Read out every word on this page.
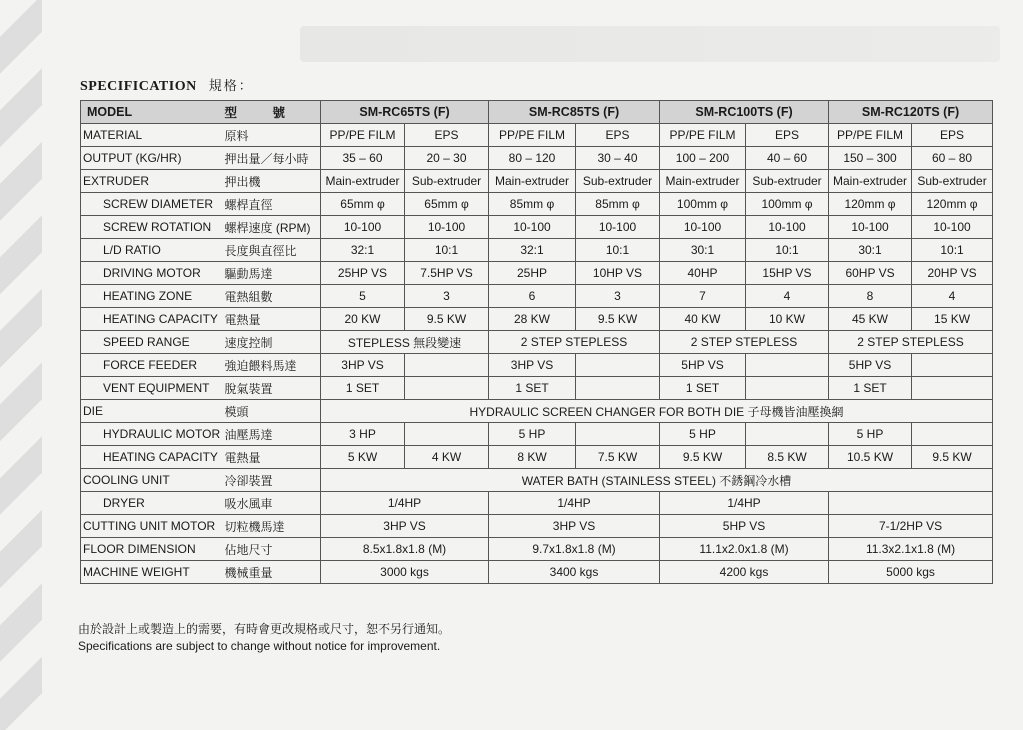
SPECIFICATION 規格：
MODEL	型 號	SM-RC65TS (F)		SM-RC85TS (F)		SM-RC100TS (F)		SM-RC120TS (F)	
MATERIAL	原料	PP/PE FILM	EPS	PP/PE FILM	EPS	PP/PE FILM	EPS	PP/PE FILM	EPS
OUTPUT (KG/HR)	押出量／每小時	35 – 60	20 – 30	80 – 120	30 – 40	100 – 200	40 – 60	150 – 300	60 – 80
EXTRUDER	押出機	Main-extruder	Sub-extruder	Main-extruder	Sub-extruder	Main-extruder	Sub-extruder	Main-extruder	Sub-extruder
SCREW DIAMETER	螺桿直徑	65mm φ	65mm φ	85mm φ	85mm φ	100mm φ	100mm φ	120mm φ	120mm φ
SCREW ROTATION	螺桿速度 (RPM)	10-100	10-100	10-100	10-100	10-100	10-100	10-100	10-100
L/D RATIO	長度與直徑比	32:1	10:1	32:1	10:1	30:1	10:1	30:1	10:1
DRIVING MOTOR	驅動馬達	25HP VS	7.5HP VS	25HP	10HP VS	40HP	15HP VS	60HP VS	20HP VS
HEATING ZONE	電熱組數	5	3	6	3	7	4	8	4
HEATING CAPACITY	電熱量	20 KW	9.5 KW	28 KW	9.5 KW	40 KW	10 KW	45 KW	15 KW
SPEED RANGE	速度控制	STEPLESS 無段變速		2 STEP STEPLESS		2 STEP STEPLESS		2 STEP STEPLESS	
FORCE FEEDER	強迫餵料馬達	3HP VS		3HP VS		5HP VS		5HP VS	
VENT EQUIPMENT	脫氣裝置	1 SET		1 SET		1 SET		1 SET	
DIE	模頭	HYDRAULIC SCREEN CHANGER FOR BOTH DIE 子母機皆油壓換網							
HYDRAULIC MOTOR	油壓馬達	3 HP		5 HP		5 HP		5 HP	
HEATING CAPACITY	電熱量	5 KW	4 KW	8 KW	7.5 KW	9.5 KW	8.5 KW	10.5 KW	9.5 KW
COOLING UNIT	冷卻裝置	WATER BATH (STAINLESS STEEL) 不銹鋼冷水槽							
DRYER	吸水風車	1/4HP		1/4HP		1/4HP			
CUTTING UNIT MOTOR	切粒機馬達	3HP VS		3HP VS		5HP VS		7-1/2HP VS	
FLOOR DIMENSION	佔地尺寸	8.5x1.8x1.8 (M)		9.7x1.8x1.8 (M)		11.1x2.0x1.8 (M)		11.3x2.1x1.8 (M)	
MACHINE WEIGHT	機械重量	3000 kgs		3400 kgs		4200 kgs		5000 kgs	
由於設計上或製造上的需要，有時會更改規格或尺寸，恕不另行通知。
Specifications are subject to change without notice for improvement.
